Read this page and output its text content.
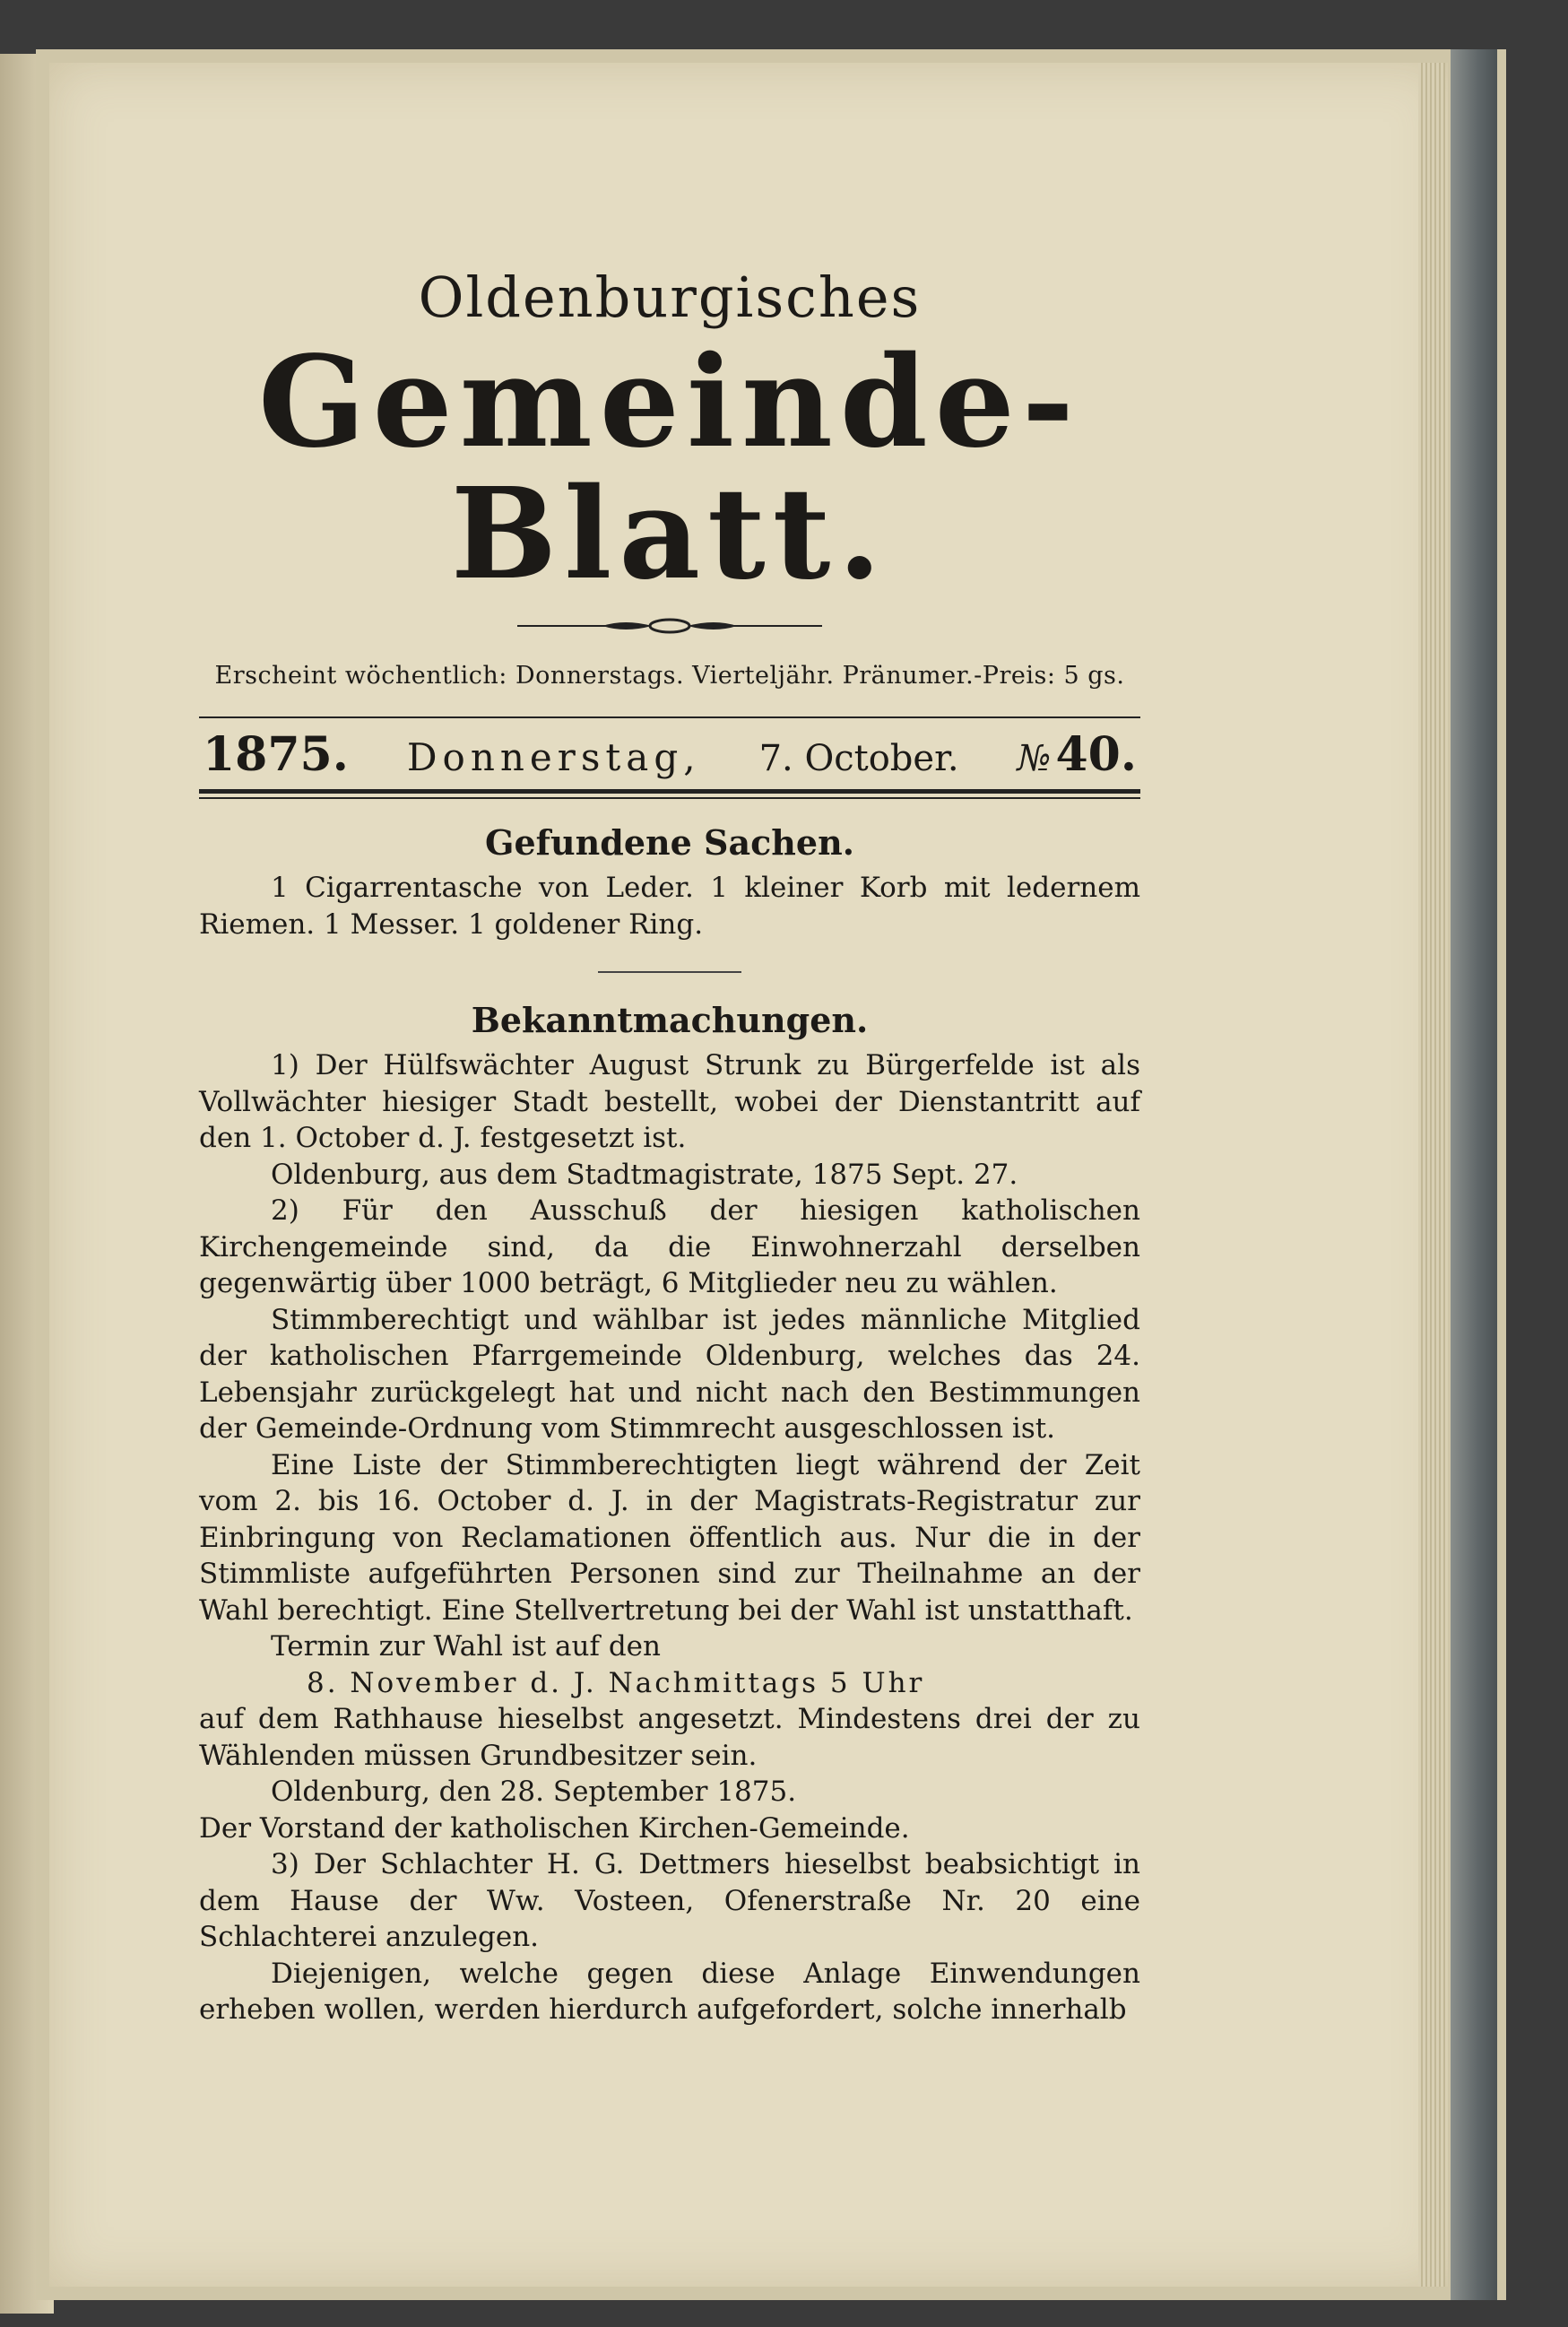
Oldenburgisches
Gemeinde-Blatt.
Erscheint wöchentlich: Donnerstags. Vierteljähr. Pränumer.-Preis: 5 gs.
1875. Donnerstag, 7. October. № 40.
Gefundene Sachen.

1 Cigarrentasche von Leder. 1 kleiner Korb mit ledernem Riemen. 1 Messer. 1 goldener Ring.

Bekanntmachungen.

1) Der Hülfswächter August Strunk zu Bürgerfelde ist als Vollwächter hiesiger Stadt bestellt, wobei der Dienstantritt auf den 1. October d. J. festgesetzt ist.

Oldenburg, aus dem Stadtmagistrate, 1875 Sept. 27.

2) Für den Ausschuß der hiesigen katholischen Kirchengemeinde sind, da die Einwohnerzahl derselben gegenwärtig über 1000 beträgt, 6 Mitglieder neu zu wählen.

Stimmberechtigt und wählbar ist jedes männliche Mitglied der katholischen Pfarrgemeinde Oldenburg, welches das 24. Lebensjahr zurückgelegt hat und nicht nach den Bestimmungen der Gemeinde-Ordnung vom Stimmrecht ausgeschlossen ist.

Eine Liste der Stimmberechtigten liegt während der Zeit vom 2. bis 16. October d. J. in der Magistrats-Registratur zur Einbringung von Reclamationen öffentlich aus. Nur die in der Stimmliste aufgeführten Personen sind zur Theilnahme an der Wahl berechtigt. Eine Stellvertretung bei der Wahl ist unstatthaft.

Termin zur Wahl ist auf den

8. November d. J. Nachmittags 5 Uhr

auf dem Rathhause hieselbst angesetzt. Mindestens drei der zu Wählenden müssen Grundbesitzer sein.

Oldenburg, den 28. September 1875.

Der Vorstand der katholischen Kirchen-Gemeinde.

3) Der Schlachter H. G. Dettmers hieselbst beabsichtigt in dem Hause der Ww. Vosteen, Ofenerstraße Nr. 20 eine Schlachterei anzulegen.

Diejenigen, welche gegen diese Anlage Einwendungen erheben wollen, werden hierdurch aufgefordert, solche innerhalb
